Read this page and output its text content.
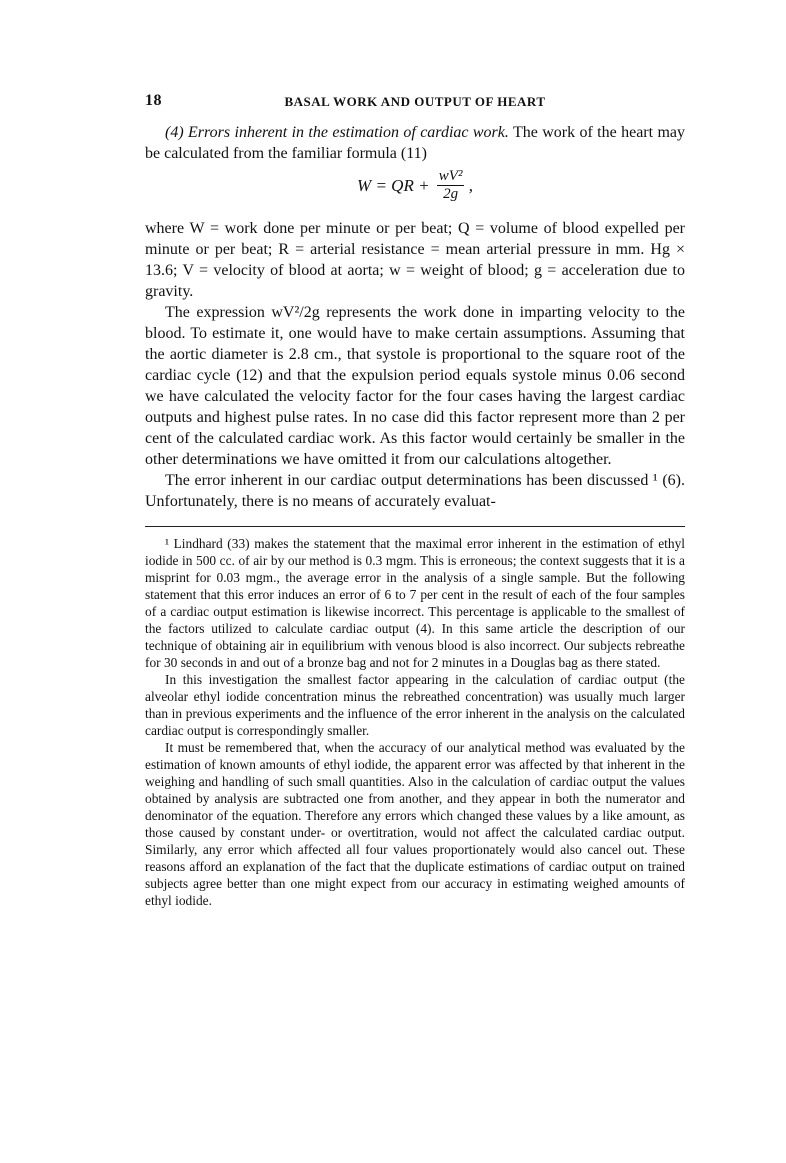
18	BASAL WORK AND OUTPUT OF HEART

(4) Errors inherent in the estimation of cardiac work. The work of the heart may be calculated from the familiar formula (11)

W = QR + $\frac{\text{wV²}}{2g}$ ,

where W = work done per minute or per beat; Q = volume of blood expelled per minute or per beat; R = arterial resistance = mean arterial pressure in mm. Hg × 13.6; V = velocity of blood at aorta; w = weight of blood; g = acceleration due to gravity.

The expression wV²/2g represents the work done in imparting velocity to the blood. To estimate it, one would have to make certain assumptions. Assuming that the aortic diameter is 2.8 cm., that systole is proportional to the square root of the cardiac cycle (12) and that the expulsion period equals systole minus 0.06 second we have calculated the velocity factor for the four cases having the largest cardiac outputs and highest pulse rates. In no case did this factor represent more than 2 per cent of the calculated cardiac work. As this factor would certainly be smaller in the other determinations we have omitted it from our calculations altogether.

The error inherent in our cardiac output determinations has been discussed ¹ (6). Unfortunately, there is no means of accurately evaluat-

¹ Lindhard (33) makes the statement that the maximal error inherent in the estimation of ethyl iodide in 500 cc. of air by our method is 0.3 mgm. This is erroneous; the context suggests that it is a misprint for 0.03 mgm., the average error in the analysis of a single sample. But the following statement that this error induces an error of 6 to 7 per cent in the result of each of the four samples of a cardiac output estimation is likewise incorrect. This percentage is applicable to the smallest of the factors utilized to calculate cardiac output (4). In this same article the description of our technique of obtaining air in equilibrium with venous blood is also incorrect. Our subjects rebreathe for 30 seconds in and out of a bronze bag and not for 2 minutes in a Douglas bag as there stated.

In this investigation the smallest factor appearing in the calculation of cardiac output (the alveolar ethyl iodide concentration minus the rebreathed concentration) was usually much larger than in previous experiments and the influence of the error inherent in the analysis on the calculated cardiac output is correspondingly smaller.

It must be remembered that, when the accuracy of our analytical method was evaluated by the estimation of known amounts of ethyl iodide, the apparent error was affected by that inherent in the weighing and handling of such small quantities. Also in the calculation of cardiac output the values obtained by analysis are subtracted one from another, and they appear in both the numerator and denominator of the equation. Therefore any errors which changed these values by a like amount, as those caused by constant under- or overtitration, would not affect the calculated cardiac output. Similarly, any error which affected all four values proportionately would also cancel out. These reasons afford an explanation of the fact that the duplicate estimations of cardiac output on trained subjects agree better than one might expect from our accuracy in estimating weighed amounts of ethyl iodide.
